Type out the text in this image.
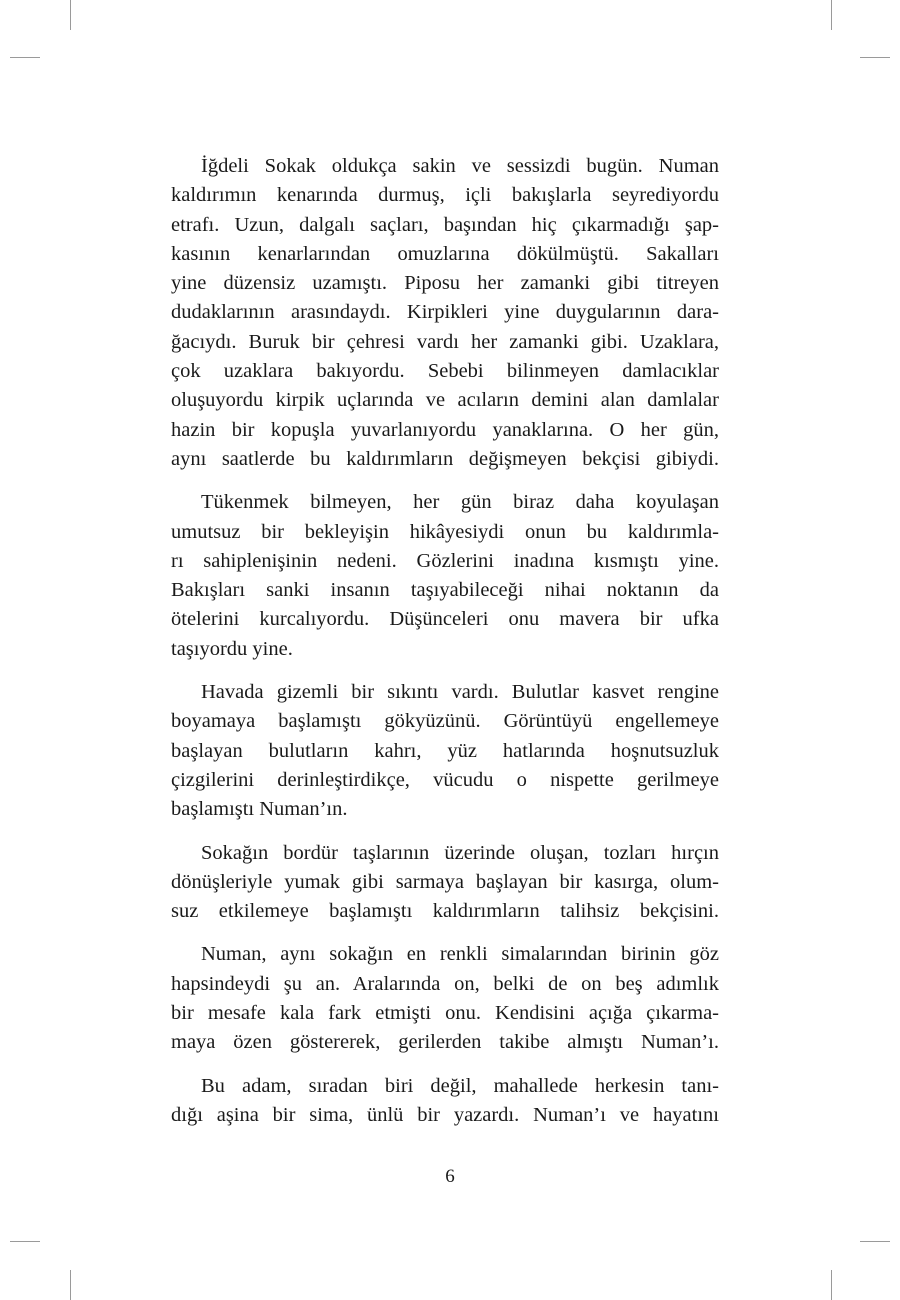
İğdeli Sokak oldukça sakin ve sessizdi bugün. Numan
kaldırımın kenarında durmuş, içli bakışlarla seyrediyordu
etrafı. Uzun, dalgalı saçları, başından hiç çıkarmadığı şap-
kasının kenarlarından omuzlarına dökülmüştü. Sakalları
yine düzensiz uzamıştı. Piposu her zamanki gibi titreyen
dudaklarının arasındaydı. Kirpikleri yine duygularının dara-
ğacıydı. Buruk bir çehresi vardı her zamanki gibi. Uzaklara,
çok uzaklara bakıyordu. Sebebi bilinmeyen damlacıklar
oluşuyordu kirpik uçlarında ve acıların demini alan damlalar
hazin bir kopuşla yuvarlanıyordu yanaklarına. O her gün,
aynı saatlerde bu kaldırımların değişmeyen bekçisi gibiydi.
Tükenmek bilmeyen, her gün biraz daha koyulaşan
umutsuz bir bekleyişin hikâyesiydi onun bu kaldırımla-
rı sahiplenişinin nedeni. Gözlerini inadına kısmıştı yine.
Bakışları sanki insanın taşıyabileceği nihai noktanın da
ötelerini kurcalıyordu. Düşünceleri onu mavera bir ufka
taşıyordu yine.
Havada gizemli bir sıkıntı vardı. Bulutlar kasvet rengine
boyamaya başlamıştı gökyüzünü. Görüntüyü engellemeye
başlayan bulutların kahrı, yüz hatlarında hoşnutsuzluk
çizgilerini derinleştirdikçe, vücudu o nispette gerilmeye
başlamıştı Numan’ın.
Sokağın bordür taşlarının üzerinde oluşan, tozları hırçın
dönüşleriyle yumak gibi sarmaya başlayan bir kasırga, olum-
suz etkilemeye başlamıştı kaldırımların talihsiz bekçisini.
Numan, aynı sokağın en renkli simalarından birinin göz
hapsindeydi şu an. Aralarında on, belki de on beş adımlık
bir mesafe kala fark etmişti onu. Kendisini açığa çıkarma-
maya özen göstererek, gerilerden takibe almıştı Numan’ı.
Bu adam, sıradan biri değil, mahallede herkesin tanı-
dığı aşina bir sima, ünlü bir yazardı. Numan’ı ve hayatını
6
